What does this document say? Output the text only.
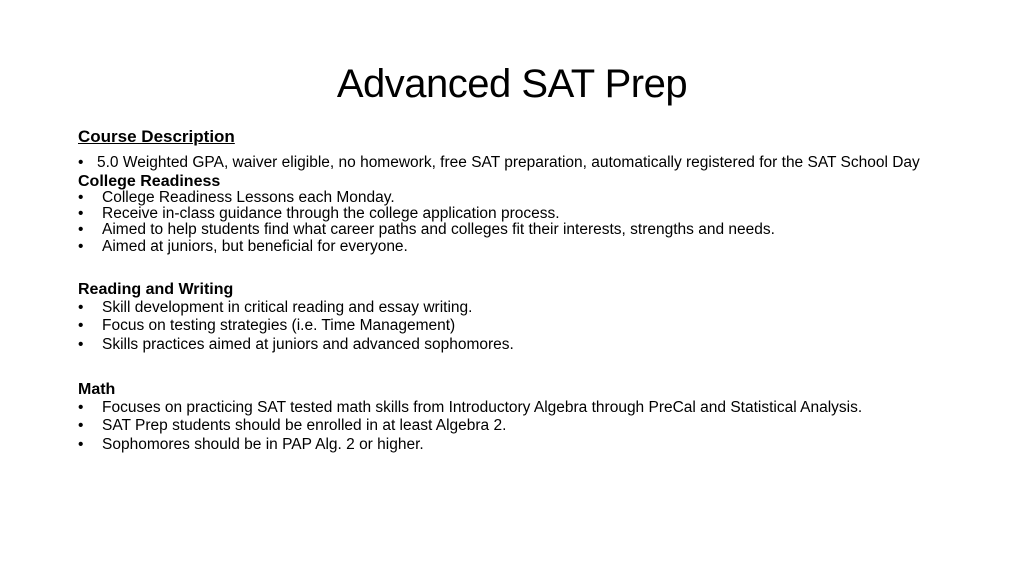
Advanced SAT Prep
Course Description
• 5.0 Weighted GPA, waiver eligible, no homework, free SAT preparation, automatically registered for the SAT School Day
College Readiness
• College Readiness Lessons each Monday.
• Receive in-class guidance through the college application process.
• Aimed to help students find what career paths and colleges fit their interests, strengths and needs.
• Aimed at juniors, but beneficial for everyone.
Reading and Writing
• Skill development in critical reading and essay writing.
• Focus on testing strategies (i.e. Time Management)
• Skills practices aimed at juniors and advanced sophomores.
Math
• Focuses on practicing SAT tested math skills from Introductory Algebra through PreCal and Statistical Analysis.
• SAT Prep students should be enrolled in at least Algebra 2.
• Sophomores should be in PAP Alg. 2 or higher.
